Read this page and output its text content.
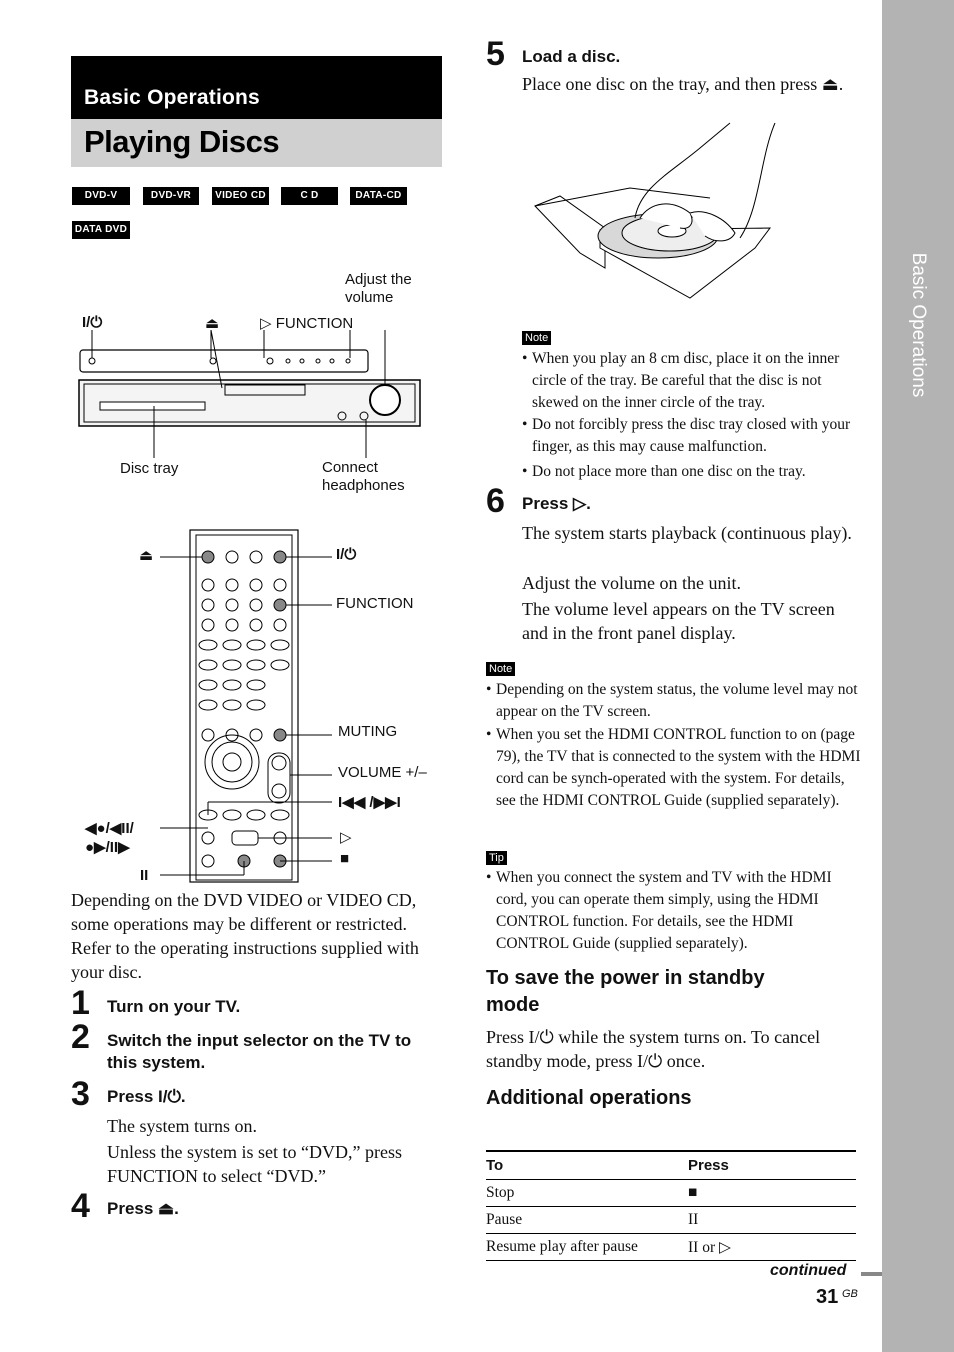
Basic Operations
Basic Operations
Playing Discs
DVD-V	DVD-VR	VIDEO CD	C D	DATA-CD
DATA DVD
Adjust the
volume
I/⏻	⏏	▷ FUNCTION
Disc tray	Connect
headphones
⏏	I/⏻
FUNCTION
MUTING
VOLUME +/–
I◀◀ /▶▶I
◀●/◀II/
●▶/II▶
▷
■
II
Depending on the DVD VIDEO or VIDEO CD, some operations may be different or restricted. Refer to the operating instructions supplied with your disc.
1 Turn on your TV.
2 Switch the input selector on the TV to this system.
3 Press I/⏻.
The system turns on.
Unless the system is set to “DVD,” press FUNCTION to select “DVD.”
4 Press ⏏.
5 Load a disc.
Place one disc on the tray, and then press ⏏.
Note
• When you play an 8 cm disc, place it on the inner circle of the tray. Be careful that the disc is not skewed on the inner circle of the tray.
• Do not forcibly press the disc tray closed with your finger, as this may cause malfunction.
• Do not place more than one disc on the tray.
6 Press ▷.
The system starts playback (continuous play).
Adjust the volume on the unit.
The volume level appears on the TV screen and in the front panel display.
Note
• Depending on the system status, the volume level may not appear on the TV screen.
• When you set the HDMI CONTROL function to on (page 79), the TV that is connected to the system with the HDMI cord can be synch-operated with the system. For details, see the HDMI CONTROL Guide (supplied separately).
Tip
• When you connect the system and TV with the HDMI cord, you can operate them simply, using the HDMI CONTROL function. For details, see the HDMI CONTROL Guide (supplied separately).
To save the power in standby
mode
Press I/⏻ while the system turns on. To cancel standby mode, press I/⏻ once.
Additional operations
To	Press
Stop	■
Pause	II
Resume play after pause	II or ▷
continued
31 GB
